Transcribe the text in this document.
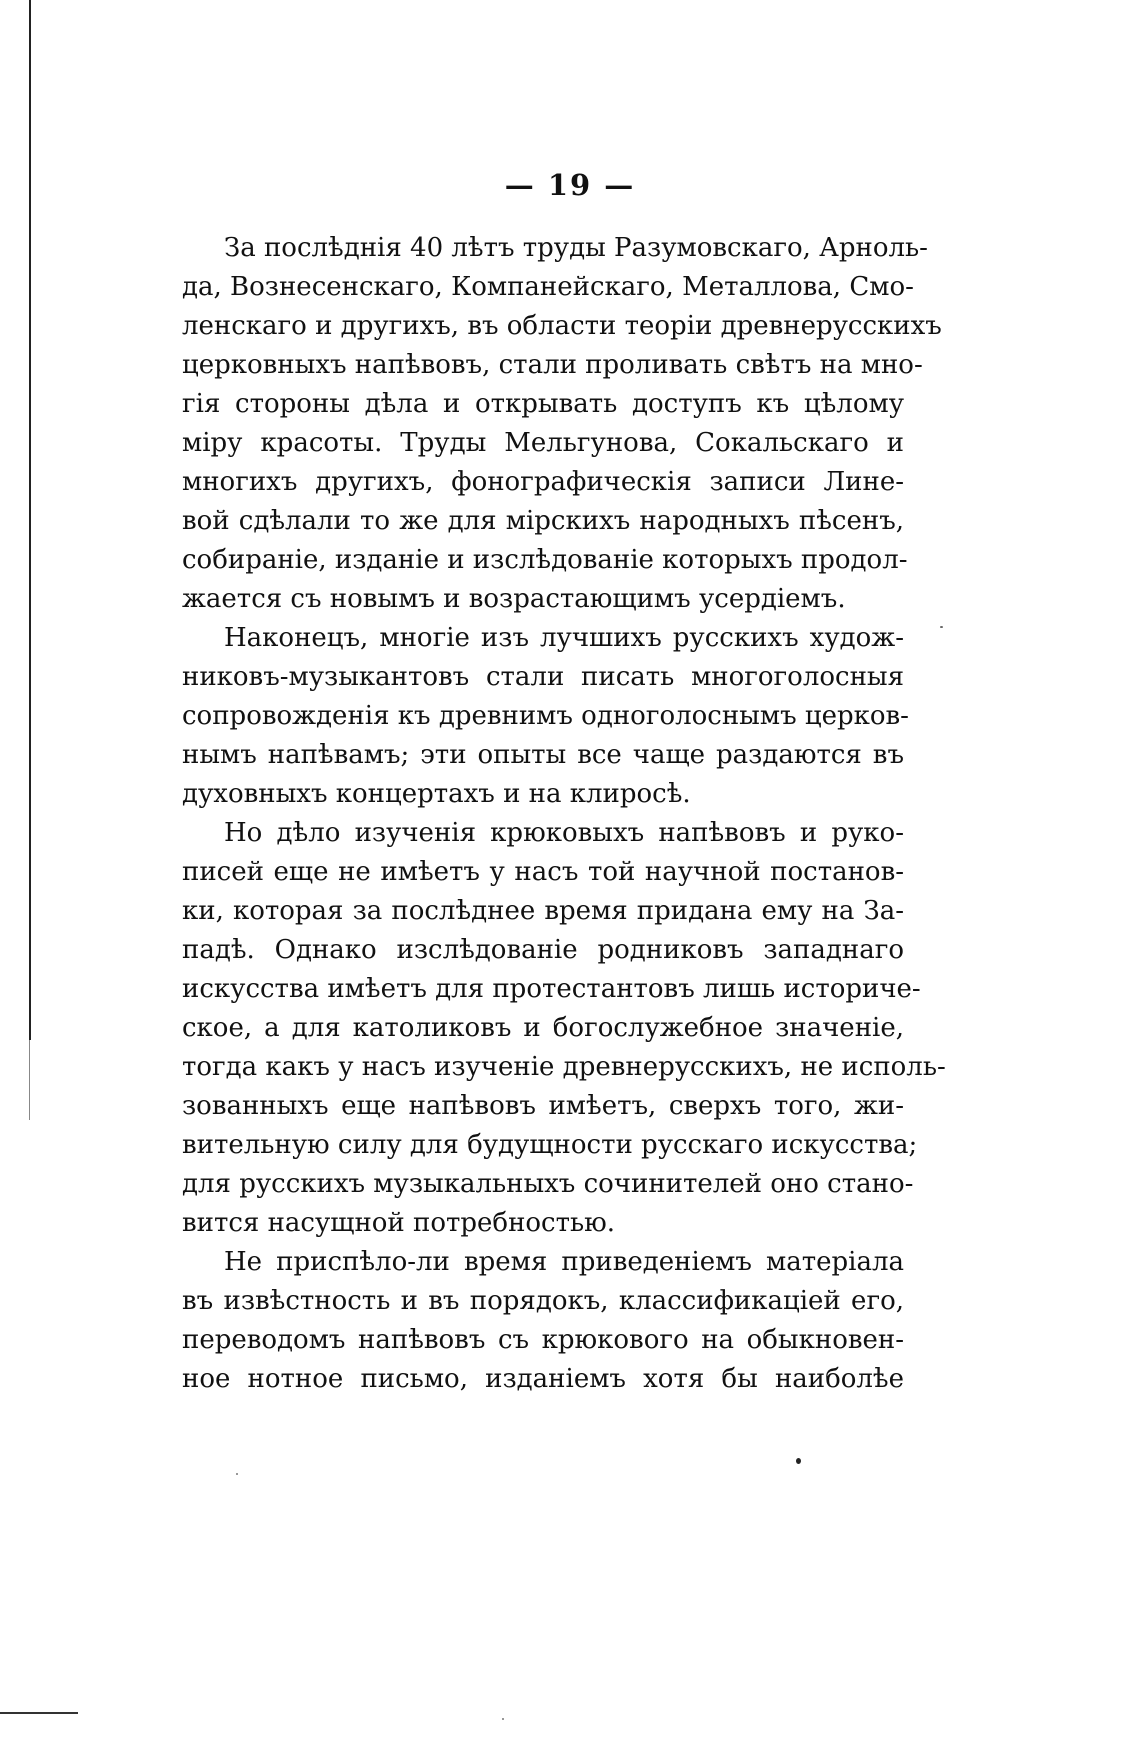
— 19 —
За послѣднія 40 лѣтъ труды Разумовскаго, Арноль-
да, Вознесенскаго, Компанейскаго, Металлова, Смо-
ленскаго и другихъ, въ области теоріи древнерусскихъ
церковныхъ напѣвовъ, стали проливать свѣтъ на мно-
гія стороны дѣла и открывать доступъ къ цѣлому
міру красоты. Труды Мельгунова, Сокальскаго и
многихъ другихъ, фонографическія записи Лине-
вой сдѣлали то же для мірскихъ народныхъ пѣсенъ,
собираніе, изданіе и изслѣдованіе которыхъ продол-
жается съ новымъ и возрастающимъ усердіемъ.
Наконецъ, многіе изъ лучшихъ русскихъ худож-
никовъ-музыкантовъ стали писать многоголосныя
сопровожденія къ древнимъ одноголоснымъ церков-
нымъ напѣвамъ; эти опыты все чаще раздаются въ
духовныхъ концертахъ и на клиросѣ.
Но дѣло изученія крюковыхъ напѣвовъ и руко-
писей еще не имѣетъ у насъ той научной постанов-
ки, которая за послѣднее время придана ему на За-
падѣ. Однако изслѣдованіе родниковъ западнаго
искусства имѣетъ для протестантовъ лишь историче-
ское, а для католиковъ и богослужебное значеніе,
тогда какъ у насъ изученіе древнерусскихъ, не исполь-
зованныхъ еще напѣвовъ имѣетъ, сверхъ того, жи-
вительную силу для будущности русскаго искусства;
для русскихъ музыкальныхъ сочинителей оно стано-
вится насущной потребностью.
Не приспѣло-ли время приведеніемъ матеріала
въ извѣстность и въ порядокъ, классификаціей его,
переводомъ напѣвовъ съ крюкового на обыкновен-
ное нотное письмо, изданіемъ хотя бы наиболѣе
